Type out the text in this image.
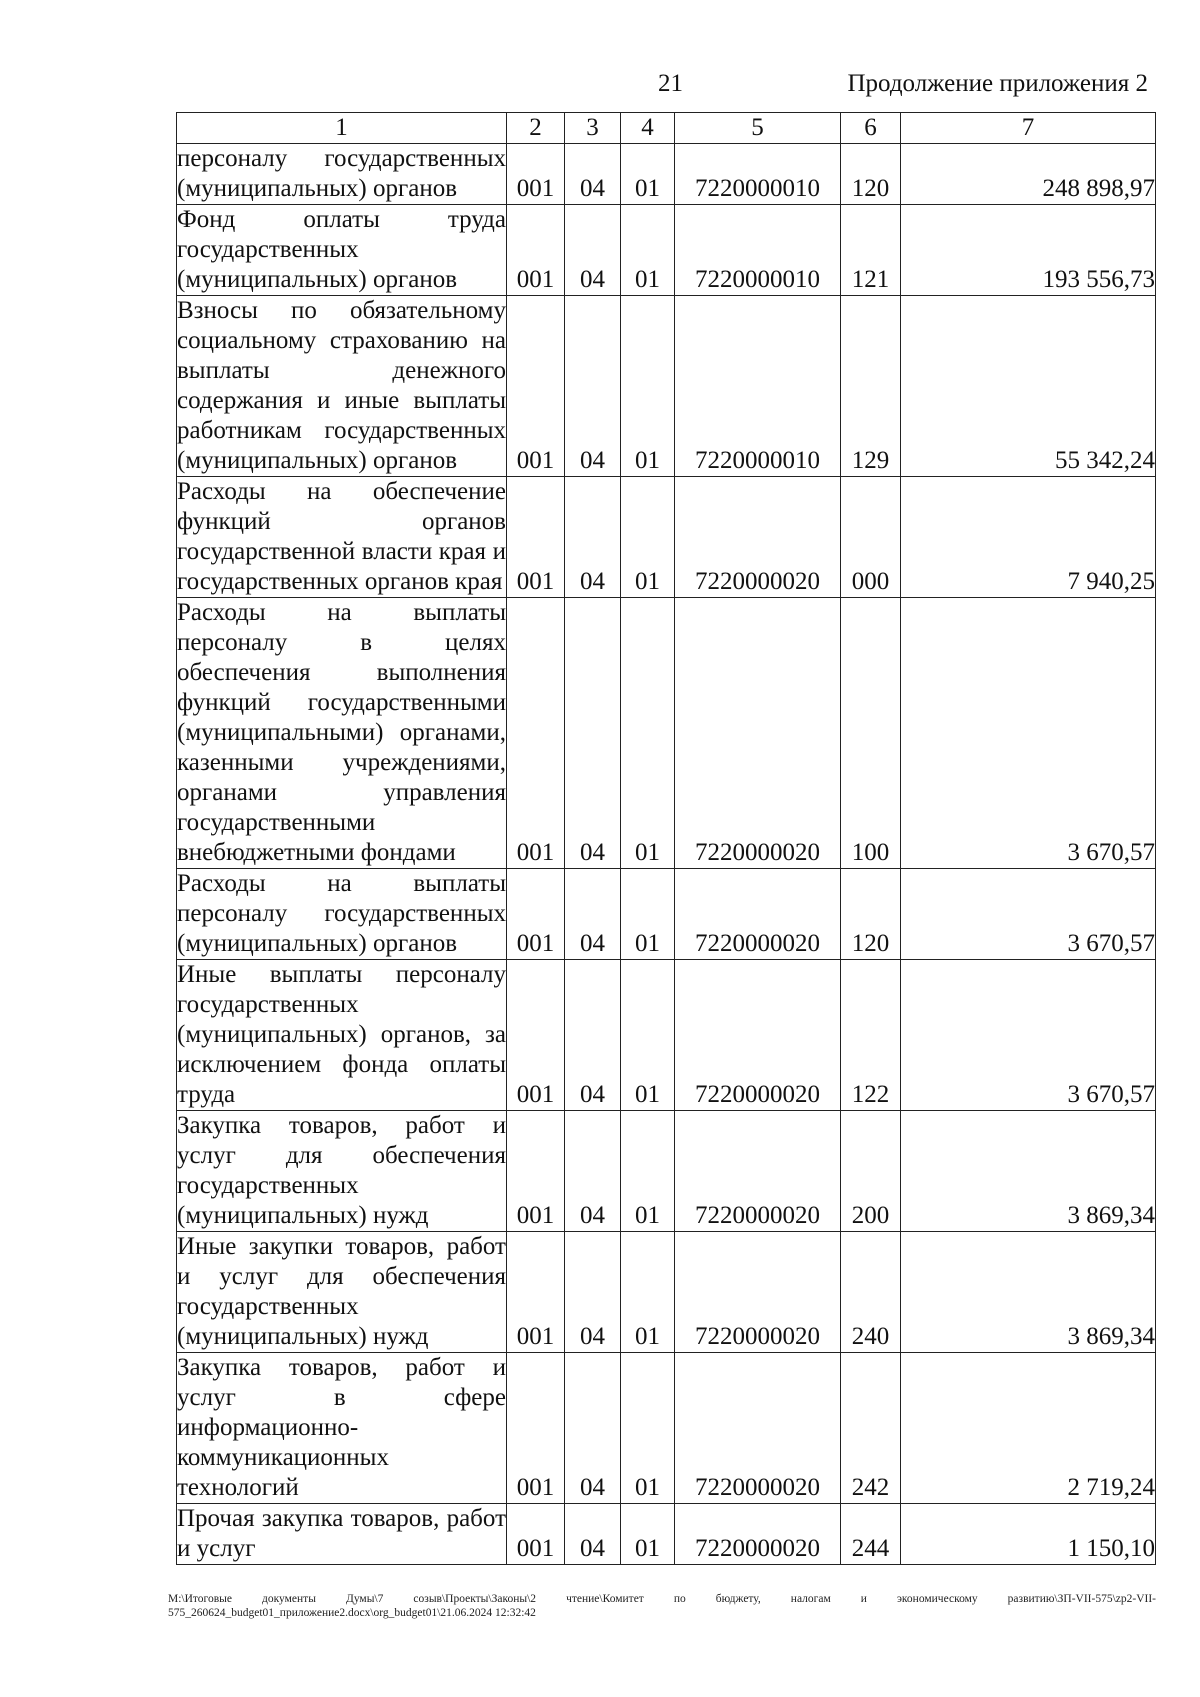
21	Продолжение приложения 2
1	2	3	4	5	6	7

персоналу государственных (муниципальных) органов	001	04	01	7220000010	120	248 898,97

Фонд оплаты труда государственных (муниципальных) органов	001	04	01	7220000010	121	193 556,73

Взносы по обязательному социальному страхованию на выплаты денежного содержания и иные выплаты работникам государственных (муниципальных) органов	001	04	01	7220000010	129	55 342,24

Расходы на обеспечение функций органов государственной власти края и государственных органов края	001	04	01	7220000020	000	7 940,25

Расходы на выплаты персоналу в целях обеспечения выполнения функций государственными (муниципальными) органами, казенными учреждениями, органами управления государственными внебюджетными фондами	001	04	01	7220000020	100	3 670,57

Расходы на выплаты персоналу государственных (муниципальных) органов	001	04	01	7220000020	120	3 670,57

Иные выплаты персоналу государственных (муниципальных) органов, за исключением фонда оплаты труда	001	04	01	7220000020	122	3 670,57

Закупка товаров, работ и услуг для обеспечения государственных (муниципальных) нужд	001	04	01	7220000020	200	3 869,34

Иные закупки товаров, работ и услуг для обеспечения государственных (муниципальных) нужд	001	04	01	7220000020	240	3 869,34

Закупка товаров, работ и услуг в сфере информационно-коммуникационных технологий	001	04	01	7220000020	242	2 719,24

Прочая закупка товаров, работ и услуг	001	04	01	7220000020	244	1 150,10
M:\Итоговые документы Думы\7 созыв\Проекты\Законы\2 чтение\Комитет по бюджету, налогам и экономическому развитию\ЗП-VII-575\zp2-VII-575_260624_budget01_приложение2.docx\org_budget01\21.06.2024 12:32:42
